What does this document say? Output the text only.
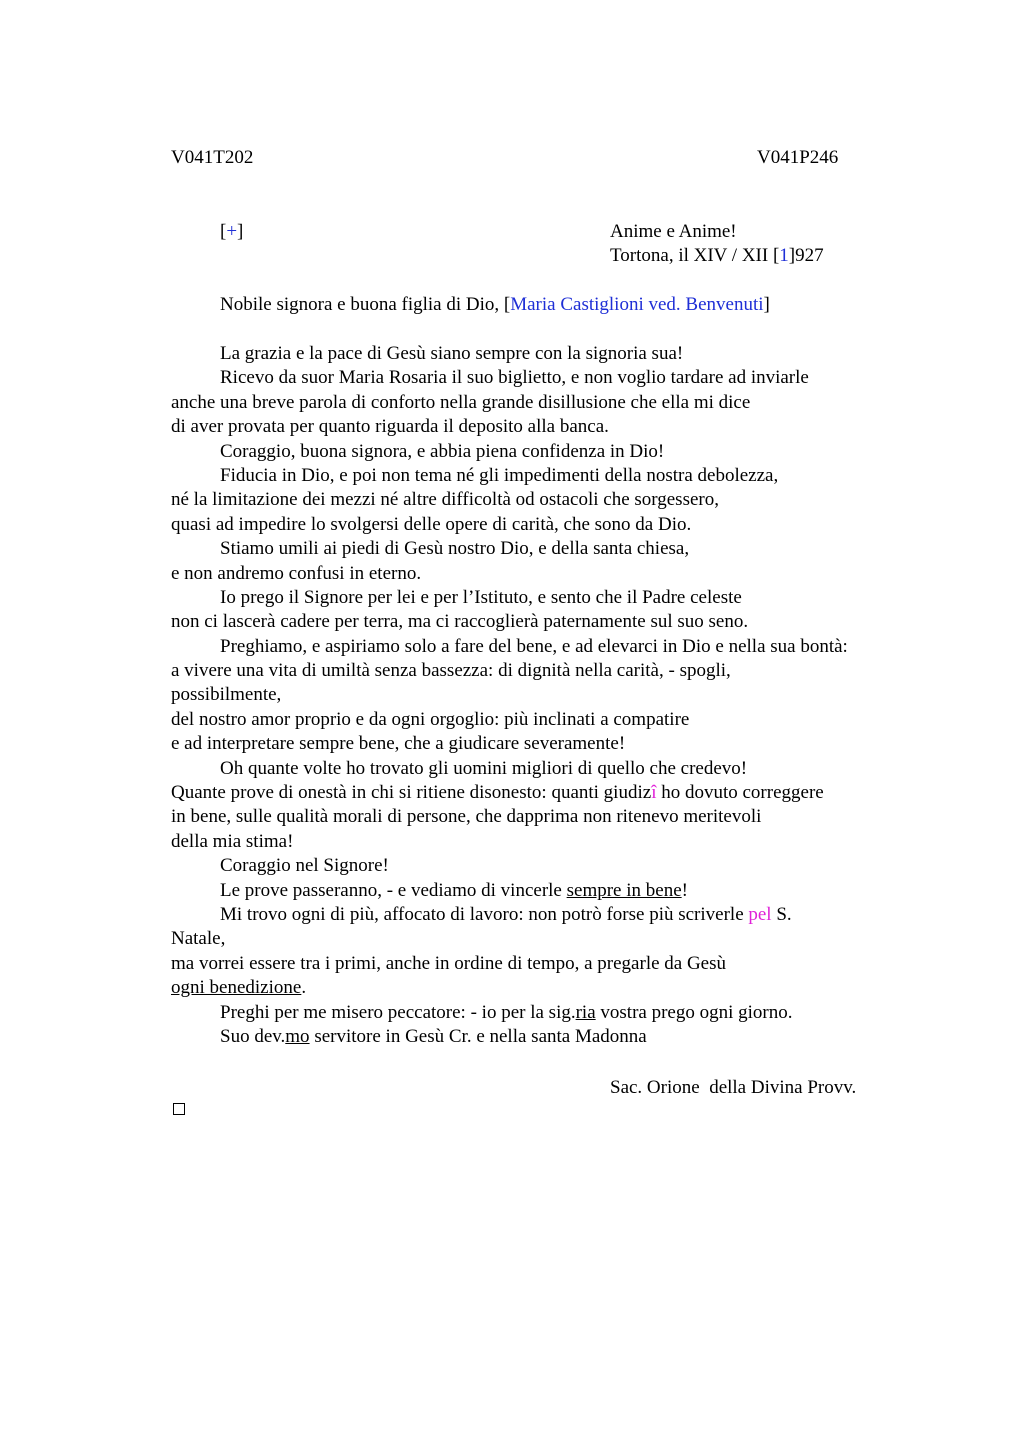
V041T202	V041P246
[+]	Anime e Anime!
Tortona, il XIV / XII [1]927
Nobile signora e buona figlia di Dio, [Maria Castiglioni ved. Benvenuti]
La grazia e la pace di Gesù siano sempre con la signoria sua!
Ricevo da suor Maria Rosaria il suo biglietto, e non voglio tardare ad inviarle
anche una breve parola di conforto nella grande disillusione che ella mi dice
di aver provata per quanto riguarda il deposito alla banca.
Coraggio, buona signora, e abbia piena confidenza in Dio!
Fiducia in Dio, e poi non tema né gli impedimenti della nostra debolezza,
né la limitazione dei mezzi né altre difficoltà od ostacoli che sorgessero,
quasi ad impedire lo svolgersi delle opere di carità, che sono da Dio.
Stiamo umili ai piedi di Gesù nostro Dio, e della santa chiesa,
e non andremo confusi in eterno.
Io prego il Signore per lei e per l’Istituto, e sento che il Padre celeste
non ci lascerà cadere per terra, ma ci raccoglierà paternamente sul suo seno.
Preghiamo, e aspiriamo solo a fare del bene, e ad elevarci in Dio e nella sua bontà:
a vivere una vita di umiltà senza bassezza: di dignità nella carità, - spogli,
possibilmente,
del nostro amor proprio e da ogni orgoglio: più inclinati a compatire
e ad interpretare sempre bene, che a giudicare severamente!
Oh quante volte ho trovato gli uomini migliori di quello che credevo!
Quante prove di onestà in chi si ritiene disonesto: quanti giudizî ho dovuto correggere
in bene, sulle qualità morali di persone, che dapprima non ritenevo meritevoli
della mia stima!
Coraggio nel Signore!
Le prove passeranno, - e vediamo di vincerle sempre in bene!
Mi trovo ogni di più, affocato di lavoro: non potrò forse più scriverle pel S.
Natale,
ma vorrei essere tra i primi, anche in ordine di tempo, a pregarle da Gesù
ogni benedizione.
Preghi per me misero peccatore: - io per la sig.ria vostra prego ogni giorno.
Suo dev.mo servitore in Gesù Cr. e nella santa Madonna
Sac. Orione  della Divina Provv.
